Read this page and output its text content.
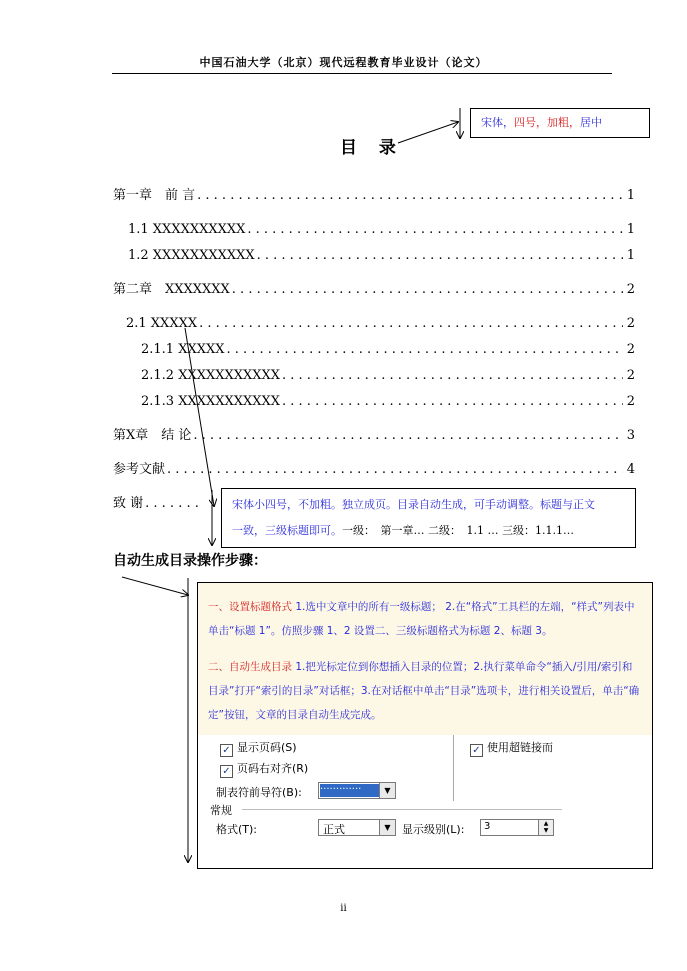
中国石油大学（北京）现代远程教育毕业设计（论文）
目 录
宋体，四号，加粗，居中
第一章　前 言 . . .	1
1.1 XXXXXXXXXX . . .	1
1.2 XXXXXXXXXXX . . .	1
第二章　XXXXXXX . . .	2
2.1 XXXXX . . .	2
2.1.1 XXXXX . . .	2
2.1.2 XXXXXXXXXXX . . .	2
2.1.3 XXXXXXXXXXX . . .	2
第X章　结 论 . . .	3
参考文献 . . .	4
致 谢 . . .	宋体小四号，不加粗。独立成页。目录自动生成，可手动调整。标题与正文
一致，三级标题即可。一级：　第一章… 二级：　1.1 … 三级：1.1.1…
自动生成目录操作步骤：

一、设置标题格式 1.选中文章中的所有一级标题； 2.在“格式”工具栏的左端，“样式”列表中单击“标题 1”。仿照步骤 1、2 设置二、三级标题格式为标题 2、标题 3。

二、自动生成目录 1.把光标定位到你想插入目录的位置；2.执行菜单命令“插入/引用/索引和目录”打开“索引的目录”对话框；3.在对话框中单击“目录”选项卡，进行相关设置后，单击“确定”按钮，文章的目录自动生成完成。

✓ 显示页码(S)
✓ 页码右对齐(R)
✓ 使用超链接而
制表符前导符(B): ·············	▼
常规
格式(T):	正式	▼	显示级别(L): 3	▲
▼
ii
